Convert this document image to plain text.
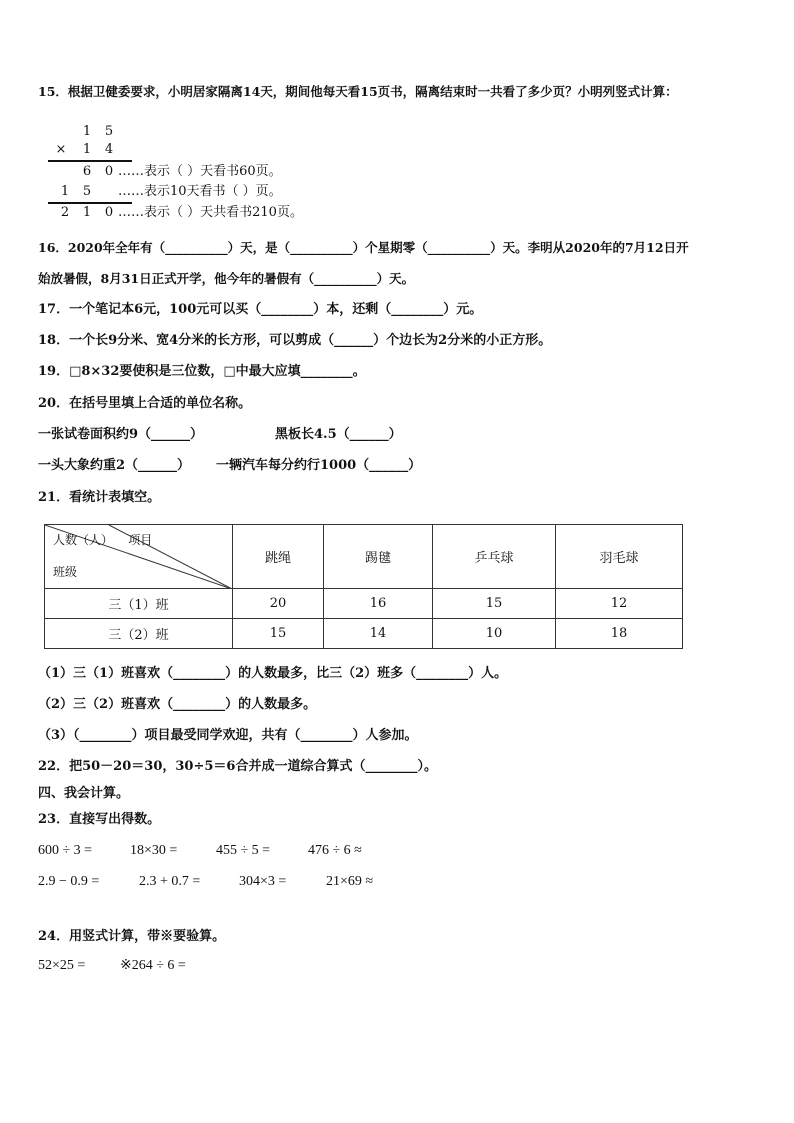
15．根据卫健委要求，小明居家隔离14天，期间他每天看15页书，隔离结束时一共看了多少页？小明列竖式计算：
1 5
× 1 4
6 0 ……表示（ ）天看书60页。
1 5 ……表示10天看书（ ）页。
2 1 0 ……表示（ ）天共看书210页。
16．2020年全年有（__________）天，是（__________）个星期零（__________）天。李明从2020年的7月12日开
始放暑假，8月31日正式开学，他今年的暑假有（__________）天。
17．一个笔记本6元，100元可以买（________）本，还剩（________）元。
18．一个长9分米、宽4分米的长方形，可以剪成（______）个边长为2分米的小正方形。
19．□8×32要使积是三位数，□中最大应填________。
20．在括号里填上合适的单位名称。
一张试卷面积约9（______）	黑板长4.5（______）
一头大象约重2（______） 一辆汽车每分约行1000（______）
21．看统计表填空。
人数（人）    项目
班级	跳绳	踢毽	乒乓球	羽毛球
三（1）班	20	16	15	12
三（2）班	15	14	10	18
（1）三（1）班喜欢（________）的人数最多，比三（2）班多（________）人。
（2）三（2）班喜欢（________）的人数最多。
（3）（________）项目最受同学欢迎，共有（________）人参加。
22．把50－20＝30，30÷5＝6合并成一道综合算式（________）。
四、我会计算。
23．直接写出得数。
600 ÷ 3 =	18×30 =	455 ÷ 5 =	476 ÷ 6 ≈
2.9 − 0.9 =	2.3 + 0.7 =	304×3 =	21×69 ≈
24．用竖式计算，带※要验算。
52×25 = ※264 ÷ 6 =
